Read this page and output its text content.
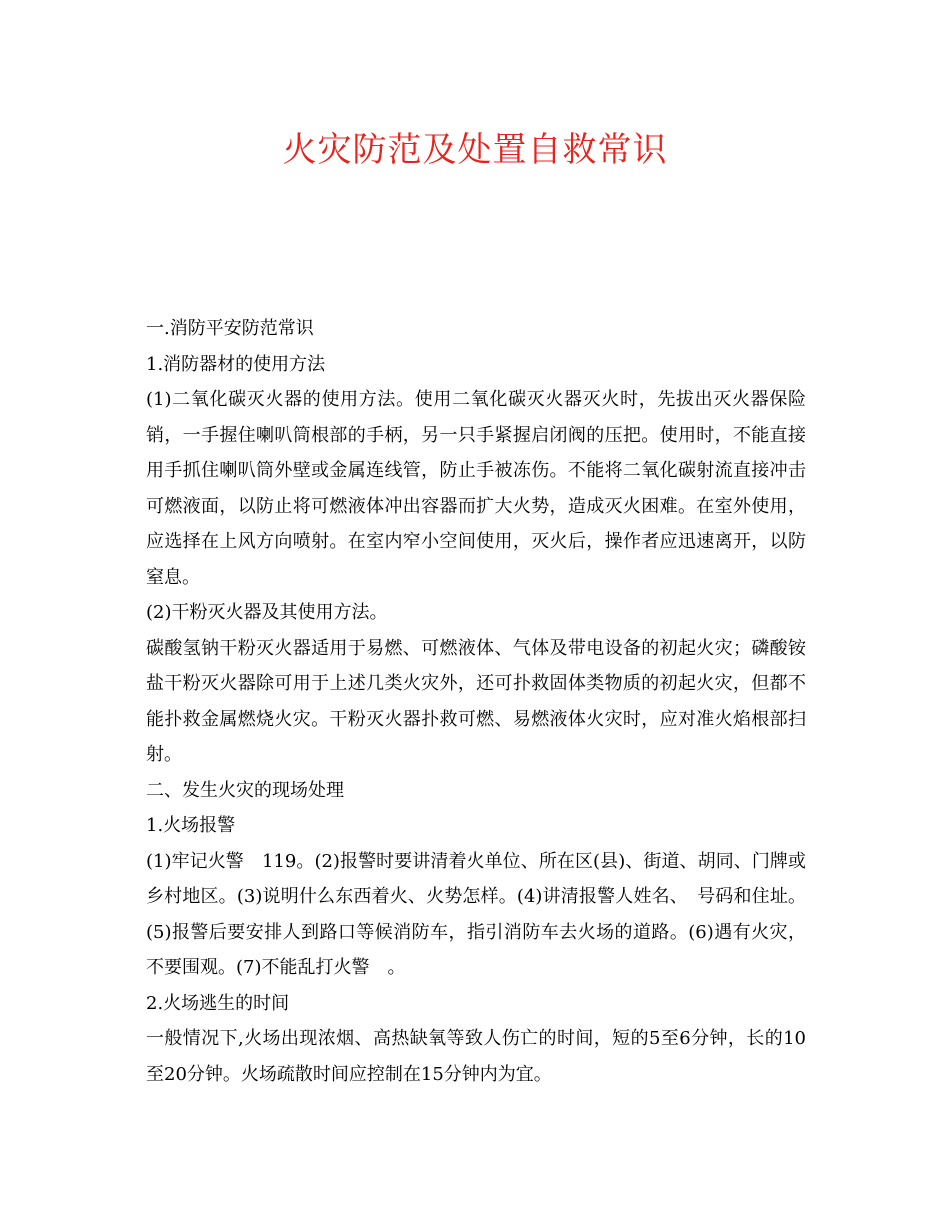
火灾防范及处置自救常识

一.消防平安防范常识

1.消防器材的使用方法

(1)二氧化碳灭火器的使用方法。使用二氧化碳灭火器灭火时，先拔出灭火器保险销，一手握住喇叭筒根部的手柄，另一只手紧握启闭阀的压把。使用时，不能直接用手抓住喇叭筒外壁或金属连线管，防止手被冻伤。不能将二氧化碳射流直接冲击可燃液面，以防止将可燃液体冲出容器而扩大火势，造成灭火困难。在室外使用，应选择在上风方向喷射。在室内窄小空间使用，灭火后，操作者应迅速离开，以防窒息。

(2)干粉灭火器及其使用方法。

碳酸氢钠干粉灭火器适用于易燃、可燃液体、气体及带电设备的初起火灾；磷酸铵盐干粉灭火器除可用于上述几类火灾外，还可扑救固体类物质的初起火灾，但都不能扑救金属燃烧火灾。干粉灭火器扑救可燃、易燃液体火灾时，应对准火焰根部扫射。

二、发生火灾的现场处理

1.火场报警

(1)牢记火警　119。(2)报警时要讲清着火单位、所在区(县)、街道、胡同、门牌或乡村地区。(3)说明什么东西着火、火势怎样。(4)讲清报警人姓名、　号码和住址。(5)报警后要安排人到路口等候消防车，指引消防车去火场的道路。(6)遇有火灾，不要围观。(7)不能乱打火警　。

2.火场逃生的时间

一般情况下,火场出现浓烟、高热缺氧等致人伤亡的时间，短的5至6分钟，长的10至20分钟。火场疏散时间应控制在15分钟内为宜。
